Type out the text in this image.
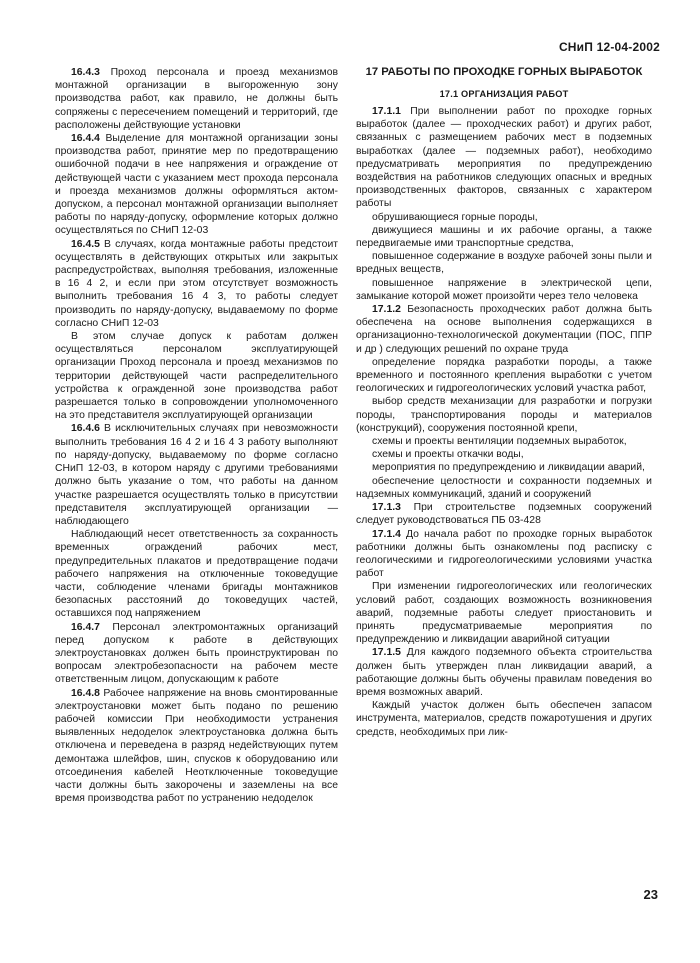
СНиП 12-04-2002

16.4.3 Проход персонала и проезд механизмов монтажной организации в выгороженную зону производства работ, как правило, не должны быть сопряжены с пересечением помещений и территорий, где расположены действующие установки

16.4.4 Выделение для монтажной организации зоны производства работ, принятие мер по предотвращению ошибочной подачи в нее напряжения и ограждение от действующей части с указанием мест прохода персонала и проезда механизмов должны оформляться актом-допуском, а персонал монтажной организации выполняет работы по наряду-допуску, оформление которых должно осуществляться по СНиП 12-03

16.4.5 В случаях, когда монтажные работы предстоит осуществлять в действующих открытых или закрытых распредустройствах, выполняя требования, изложенные в 16 4 2, и если при этом отсутствует возможность выполнить требования 16 4 3, то работы следует производить по наряду-допуску, выдаваемому по форме согласно СНиП 12-03

В этом случае допуск к работам должен осуществляться персоналом эксплуатирующей организации Проход персонала и проезд механизмов по территории действующей части распределительного устройства к огражденной зоне производства работ разрешается только в сопровождении уполномоченного на это представителя эксплуатирующей организации

16.4.6 В исключительных случаях при невозможности выполнить требования 16 4 2 и 16 4 3 работу выполняют по наряду-допуску, выдаваемому по форме согласно СНиП 12-03, в котором наряду с другими требованиями должно быть указание о том, что работы на данном участке разрешается осуществлять только в присутствии представителя эксплуатирующей организации — наблюдающего

Наблюдающий несет ответственность за сохранность временных ограждений рабочих мест, предупредительных плакатов и предотвращение подачи рабочего напряжения на отключенные токоведущие части, соблюдение членами бригады монтажников безопасных расстояний до токоведущих частей, оставшихся под напряжением

16.4.7 Персонал электромонтажных организаций перед допуском к работе в действующих электроустановках должен быть проинструктирован по вопросам электробезопасности на рабочем месте ответственным лицом, допускающим к работе

16.4.8 Рабочее напряжение на вновь смонтированные электроустановки может быть подано по решению рабочей комиссии При необходимости устранения выявленных недоделок электроустановка должна быть отключена и переведена в разряд недействующих путем демонтажа шлейфов, шин, спусков к оборудованию или отсоединения кабелей Неотключенные токоведущие части должны быть закорочены и заземлены на все время производства работ по устранению недоделок

17 РАБОТЫ ПО ПРОХОДКЕ ГОРНЫХ ВЫРАБОТОК
17.1 ОРГАНИЗАЦИЯ РАБОТ

17.1.1 При выполнении работ по проходке горных выработок (далее — проходческих работ) и других работ, связанных с размещением рабочих мест в подземных выработках (далее — подземных работ), необходимо предусматривать мероприятия по предупреждению воздействия на работников следующих опасных и вредных производственных факторов, связанных с характером работы

обрушивающиеся горные породы,

движущиеся машины и их рабочие органы, а также передвигаемые ими транспортные средства,

повышенное содержание в воздухе рабочей зоны пыли и вредных веществ,

повышенное напряжение в электрической цепи, замыкание которой может произойти через тело человека

17.1.2 Безопасность проходческих работ должна быть обеспечена на основе выполнения содержащихся в организационно-технологической документации (ПОС, ППР и др ) следующих решений по охране труда

определение порядка разработки породы, а также временного и постоянного крепления выработки с учетом геологических и гидрогеологических условий участка работ,

выбор средств механизации для разработки и погрузки породы, транспортирования породы и материалов (конструкций), сооружения постоянной крепи,

схемы и проекты вентиляции подземных выработок,

схемы и проекты откачки воды,

мероприятия по предупреждению и ликвидации аварий,

обеспечение целостности и сохранности подземных и надземных коммуникаций, зданий и сооружений

17.1.3 При строительстве подземных сооружений следует руководствоваться ПБ 03-428

17.1.4 До начала работ по проходке горных выработок работники должны быть ознакомлены под расписку с геологическими и гидрогеологическими условиями участка работ

При изменении гидрогеологических или геологических условий работ, создающих возможность возникновения аварий, подземные работы следует приостановить и принять предусматриваемые мероприятия по предупреждению и ликвидации аварийной ситуации

17.1.5 Для каждого подземного объекта строительства должен быть утвержден план ликвидации аварий, а работающие должны быть обучены правилам поведения во время возможных аварий.

Каждый участок должен быть обеспечен запасом инструмента, материалов, средств пожаротушения и других средств, необходимых при лик-

23
